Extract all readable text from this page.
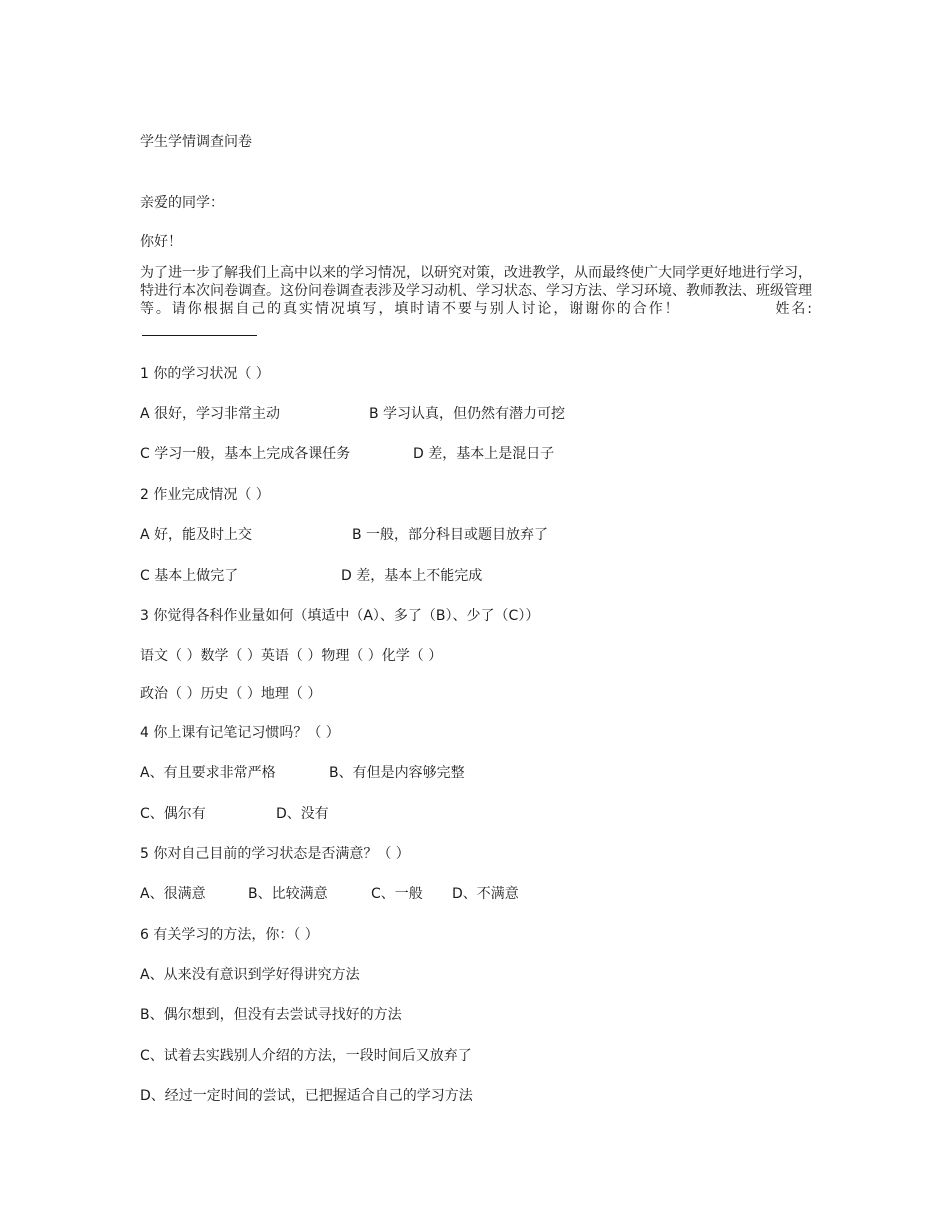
学生学情调查问卷
亲爱的同学：
你好！
为了进一步了解我们上高中以来的学习情况，以研究对策，改进教学，从而最终使广大同学更好地进行学习，特进行本次问卷调查。这份问卷调查表涉及学习动机、学习状态、学习方法、学习环境、教师教法、班级管理等。请你根据自己的真实情况填写，填时请不要与别人讨论，谢谢你的合作！	姓名:
1 你的学习状况（ ）
A 很好，学习非常主动	B 学习认真，但仍然有潜力可挖
C 学习一般，基本上完成各课任务	D 差，基本上是混日子
2 作业完成情况（ ）
A 好，能及时上交	B 一般，部分科目或题目放弃了
C 基本上做完了	D 差，基本上不能完成
3 你觉得各科作业量如何（填适中（A）、多了（B）、少了（C））
语文（ ）数学（ ）英语（ ）物理（ ）化学（ ）
政治（ ）历史（ ）地理（ ）
4 你上课有记笔记习惯吗？（ ）
A、有且要求非常严格	B、有但是内容够完整
C、偶尔有	D、没有
5 你对自己目前的学习状态是否满意？（ ）
A、很满意	B、比较满意	C、一般 D、不满意
6 有关学习的方法，你：（ ）
A、从来没有意识到学好得讲究方法
B、偶尔想到，但没有去尝试寻找好的方法
C、试着去实践别人介绍的方法，一段时间后又放弃了
D、经过一定时间的尝试，已把握适合自己的学习方法
